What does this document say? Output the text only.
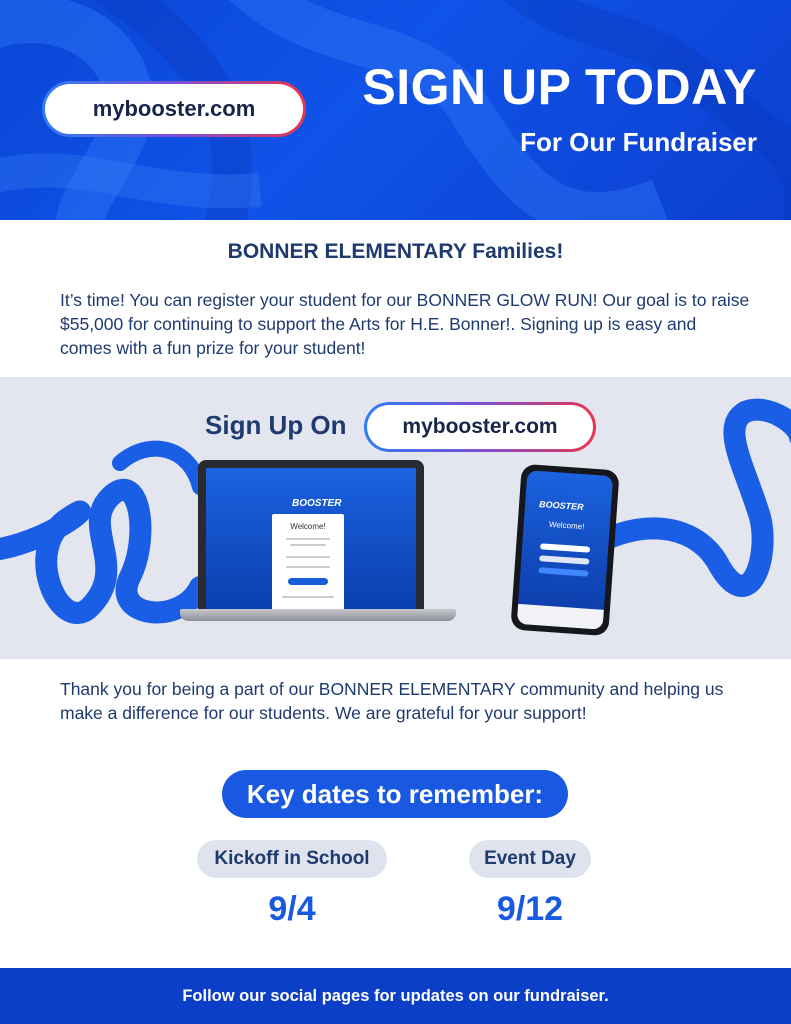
mybooster.com	SIGN UP TODAY
For Our Fundraiser
BONNER ELEMENTARY Families!

It’s time! You can register your student for our BONNER GLOW RUN! Our goal is to raise $55,000 for continuing to support the Arts for H.E. Bonner!. Signing up is easy and comes with a fun prize for your student!

Sign Up On	mybooster.com
BOOSTER
Welcome!
BOOSTER
Welcome!

Thank you for being a part of our BONNER ELEMENTARY community and helping us make a difference for our students. We are grateful for your support!

Key dates to remember:
Kickoff in School
9/4
Event Day
9/12
Follow our social pages for updates on our fundraiser.
